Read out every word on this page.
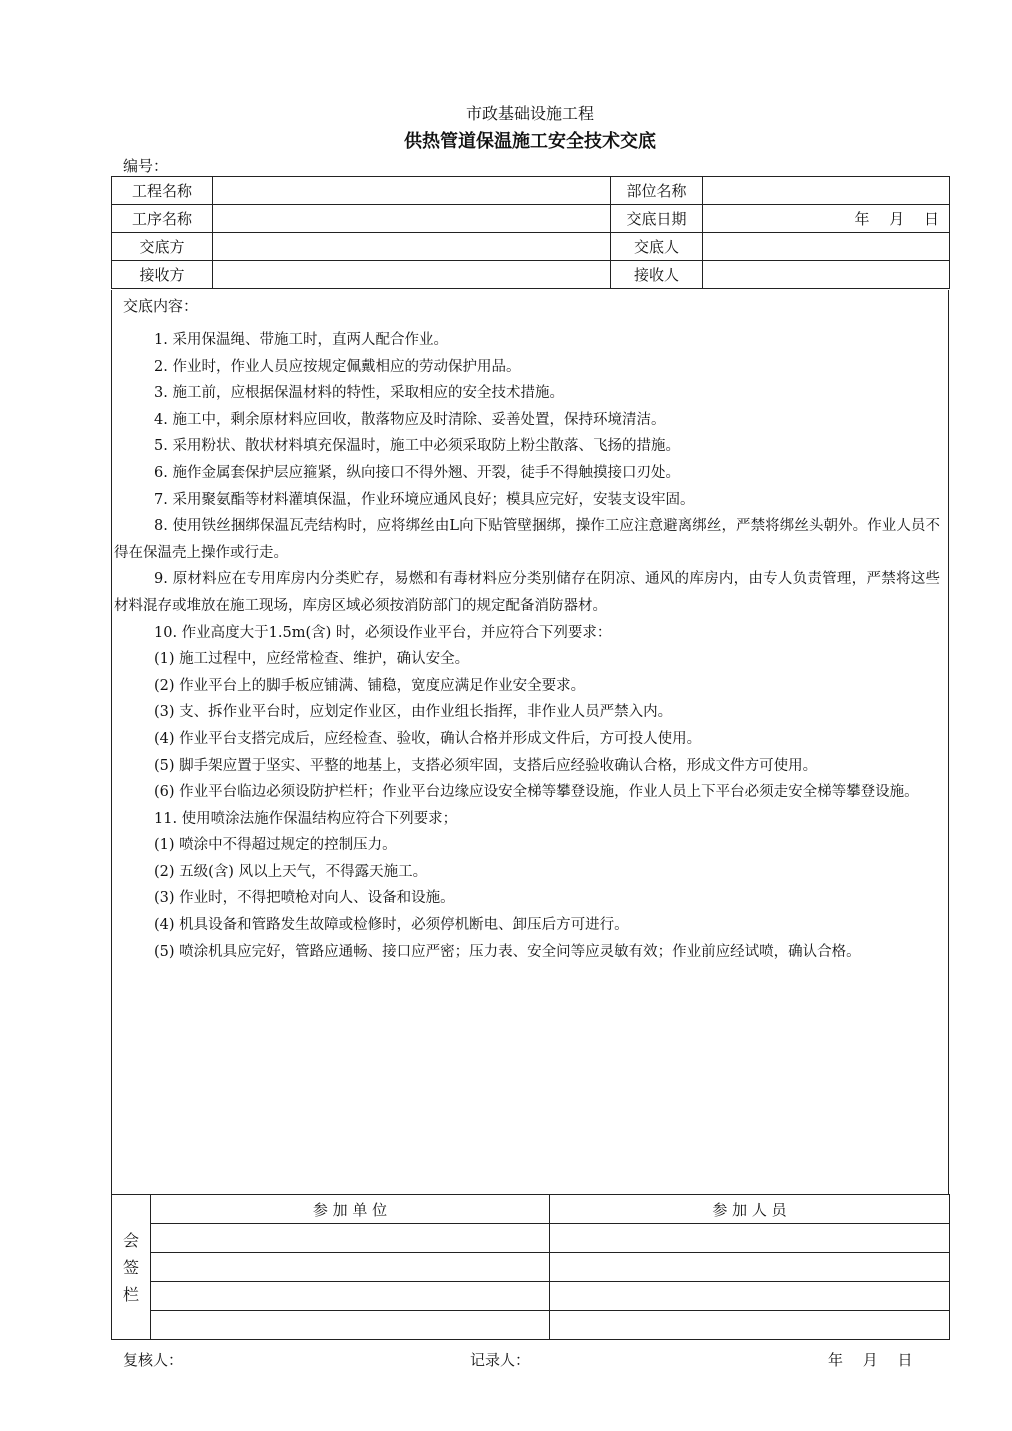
市政基础设施工程
供热管道保温施工安全技术交底
编号：
工程名称		部位名称	
工序名称		交底日期	年　 月　 日
交底方		交底人	
接收方		接收人	
交底内容：
1. 采用保温绳、带施工时，直两人配合作业。
2. 作业时，作业人员应按规定佩戴相应的劳动保护用品。
3. 施工前，应根据保温材料的特性，采取相应的安全技术措施。
4. 施工中，剩余原材料应回收，散落物应及时清除、妥善处置，保持环境清洁。
5. 采用粉状、散状材料填充保温时，施工中必须采取防上粉尘散落、飞扬的措施。
6. 施作金属套保护层应箍紧，纵向接口不得外翘、开裂，徒手不得触摸接口刃处。
7. 采用聚氨酯等材料灌填保温，作业环境应通风良好；模具应完好，安装支设牢固。
8. 使用铁丝捆绑保温瓦壳结构时，应将绑丝由L向下贴管壁捆绑，操作工应注意避离绑丝，严禁将绑丝头朝外。作业人员不得在保温壳上操作或行走。
9. 原材料应在专用库房内分类贮存，易燃和有毒材料应分类别储存在阴凉、通风的库房内，由专人负责管理，严禁将这些材料混存或堆放在施工现场，库房区域必须按消防部门的规定配备消防器材。
10. 作业高度大于1.5m(含) 时，必须设作业平台，并应符合下列要求：
(1) 施工过程中，应经常检查、维护，确认安全。
(2) 作业平台上的脚手板应铺满、铺稳，宽度应满足作业安全要求。
(3) 支、拆作业平台时，应划定作业区，由作业组长指挥，非作业人员严禁入内。
(4) 作业平台支搭完成后，应经检查、验收，确认合格并形成文件后，方可投人使用。
(5) 脚手架应置于坚实、平整的地基上，支搭必须牢固，支搭后应经验收确认合格，形成文件方可使用。
(6) 作业平台临边必须设防护栏杆；作业平台边缘应设安全梯等攀登设施，作业人员上下平台必须走安全梯等攀登设施。
11. 使用喷涂法施作保温结构应符合下列要求；
(1) 喷涂中不得超过规定的控制压力。
(2) 五级(含) 风以上天气，不得露天施工。
(3) 作业时，不得把喷枪对向人、设备和设施。
(4) 机具设备和管路发生故障或检修时，必须停机断电、卸压后方可进行。
(5) 喷涂机具应完好，管路应通畅、接口应严密；压力表、安全问等应灵敏有效；作业前应经试喷，确认合格。
会签栏	参 加 单 位	参 加 人 员

复核人：	记录人：	年　 月　 日
